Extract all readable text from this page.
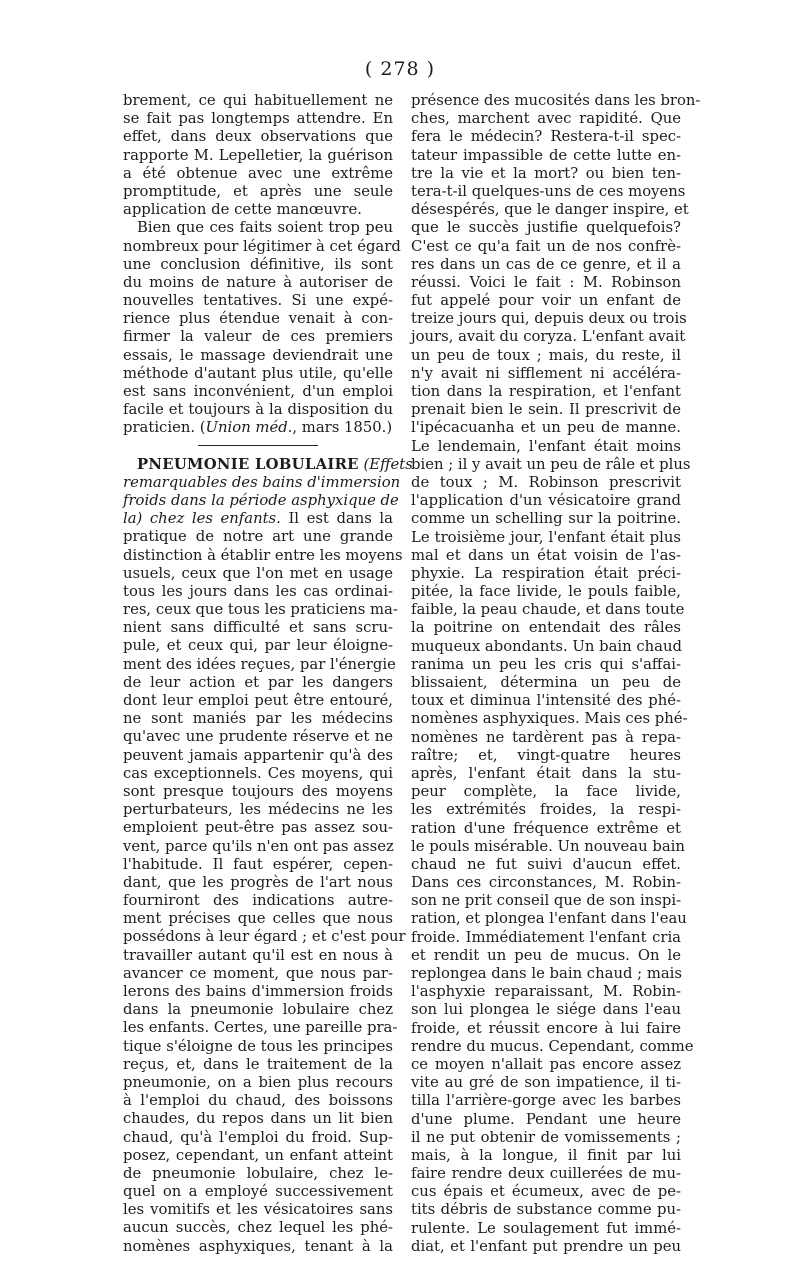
( 278 )
brement, ce qui habituellement ne
se fait pas longtemps attendre. En
effet, dans deux observations que
rapporte M. Lepelletier, la guérison
a été obtenue avec une extrême
promptitude, et après une seule
application de cette manœuvre.
Bien que ces faits soient trop peu
nombreux pour légitimer à cet égard
une conclusion définitive, ils sont
du moins de nature à autoriser de
nouvelles tentatives. Si une expé-
rience plus étendue venait à con-
firmer la valeur de ces premiers
essais, le massage deviendrait une
méthode d'autant plus utile, qu'elle
est sans inconvénient, d'un emploi
facile et toujours à la disposition du
praticien. (Union méd., mars 1850.)
PNEUMONIE LOBULAIRE (Effets
remarquables des bains d'immersion
froids dans la période asphyxique de
la) chez les enfants. Il est dans la
pratique de notre art une grande
distinction à établir entre les moyens
usuels, ceux que l'on met en usage
tous les jours dans les cas ordinai-
res, ceux que tous les praticiens ma-
nient sans difficulté et sans scru-
pule, et ceux qui, par leur éloigne-
ment des idées reçues, par l'énergie
de leur action et par les dangers
dont leur emploi peut être entouré,
ne sont maniés par les médecins
qu'avec une prudente réserve et ne
peuvent jamais appartenir qu'à des
cas exceptionnels. Ces moyens, qui
sont presque toujours des moyens
perturbateurs, les médecins ne les
emploient peut-être pas assez sou-
vent, parce qu'ils n'en ont pas assez
l'habitude. Il faut espérer, cepen-
dant, que les progrès de l'art nous
fourniront des indications autre-
ment précises que celles que nous
possédons à leur égard ; et c'est pour
travailler autant qu'il est en nous à
avancer ce moment, que nous par-
lerons des bains d'immersion froids
dans la pneumonie lobulaire chez
les enfants. Certes, une pareille pra-
tique s'éloigne de tous les principes
reçus, et, dans le traitement de la
pneumonie, on a bien plus recours
à l'emploi du chaud, des boissons
chaudes, du repos dans un lit bien
chaud, qu'à l'emploi du froid. Sup-
posez, cependant, un enfant atteint
de pneumonie lobulaire, chez le-
quel on a employé successivement
les vomitifs et les vésicatoires sans
aucun succès, chez lequel les phé-
nomènes asphyxiques, tenant à la
présence des mucosités dans les bron-
ches, marchent avec rapidité. Que
fera le médecin? Restera-t-il spec-
tateur impassible de cette lutte en-
tre la vie et la mort? ou bien ten-
tera-t-il quelques-uns de ces moyens
désespérés, que le danger inspire, et
que le succès justifie quelquefois?
C'est ce qu'a fait un de nos confrè-
res dans un cas de ce genre, et il a
réussi. Voici le fait : M. Robinson
fut appelé pour voir un enfant de
treize jours qui, depuis deux ou trois
jours, avait du coryza. L'enfant avait
un peu de toux ; mais, du reste, il
n'y avait ni sifflement ni accéléra-
tion dans la respiration, et l'enfant
prenait bien le sein. Il prescrivit de
l'ipécacuanha et un peu de manne.
Le lendemain, l'enfant était moins
bien ; il y avait un peu de râle et plus
de toux ; M. Robinson prescrivit
l'application d'un vésicatoire grand
comme un schelling sur la poitrine.
Le troisième jour, l'enfant était plus
mal et dans un état voisin de l'as-
phyxie. La respiration était préci-
pitée, la face livide, le pouls faible,
faible, la peau chaude, et dans toute
la poitrine on entendait des râles
muqueux abondants. Un bain chaud
ranima un peu les cris qui s'affai-
blissaient, détermina un peu de
toux et diminua l'intensité des phé-
nomènes asphyxiques. Mais ces phé-
nomènes ne tardèrent pas à repa-
raître; et, vingt-quatre heures
après, l'enfant était dans la stu-
peur complète, la face livide,
les extrémités froides, la respi-
ration d'une fréquence extrême et
le pouls misérable. Un nouveau bain
chaud ne fut suivi d'aucun effet.
Dans ces circonstances, M. Robin-
son ne prit conseil que de son inspi-
ration, et plongea l'enfant dans l'eau
froide. Immédiatement l'enfant cria
et rendit un peu de mucus. On le
replongea dans le bain chaud ; mais
l'asphyxie reparaissant, M. Robin-
son lui plongea le siége dans l'eau
froide, et réussit encore à lui faire
rendre du mucus. Cependant, comme
ce moyen n'allait pas encore assez
vite au gré de son impatience, il ti-
tilla l'arrière-gorge avec les barbes
d'une plume. Pendant une heure
il ne put obtenir de vomissements ;
mais, à la longue, il finit par lui
faire rendre deux cuillerées de mu-
cus épais et écumeux, avec de pe-
tits débris de substance comme pu-
rulente. Le soulagement fut immé-
diat, et l'enfant put prendre un peu
